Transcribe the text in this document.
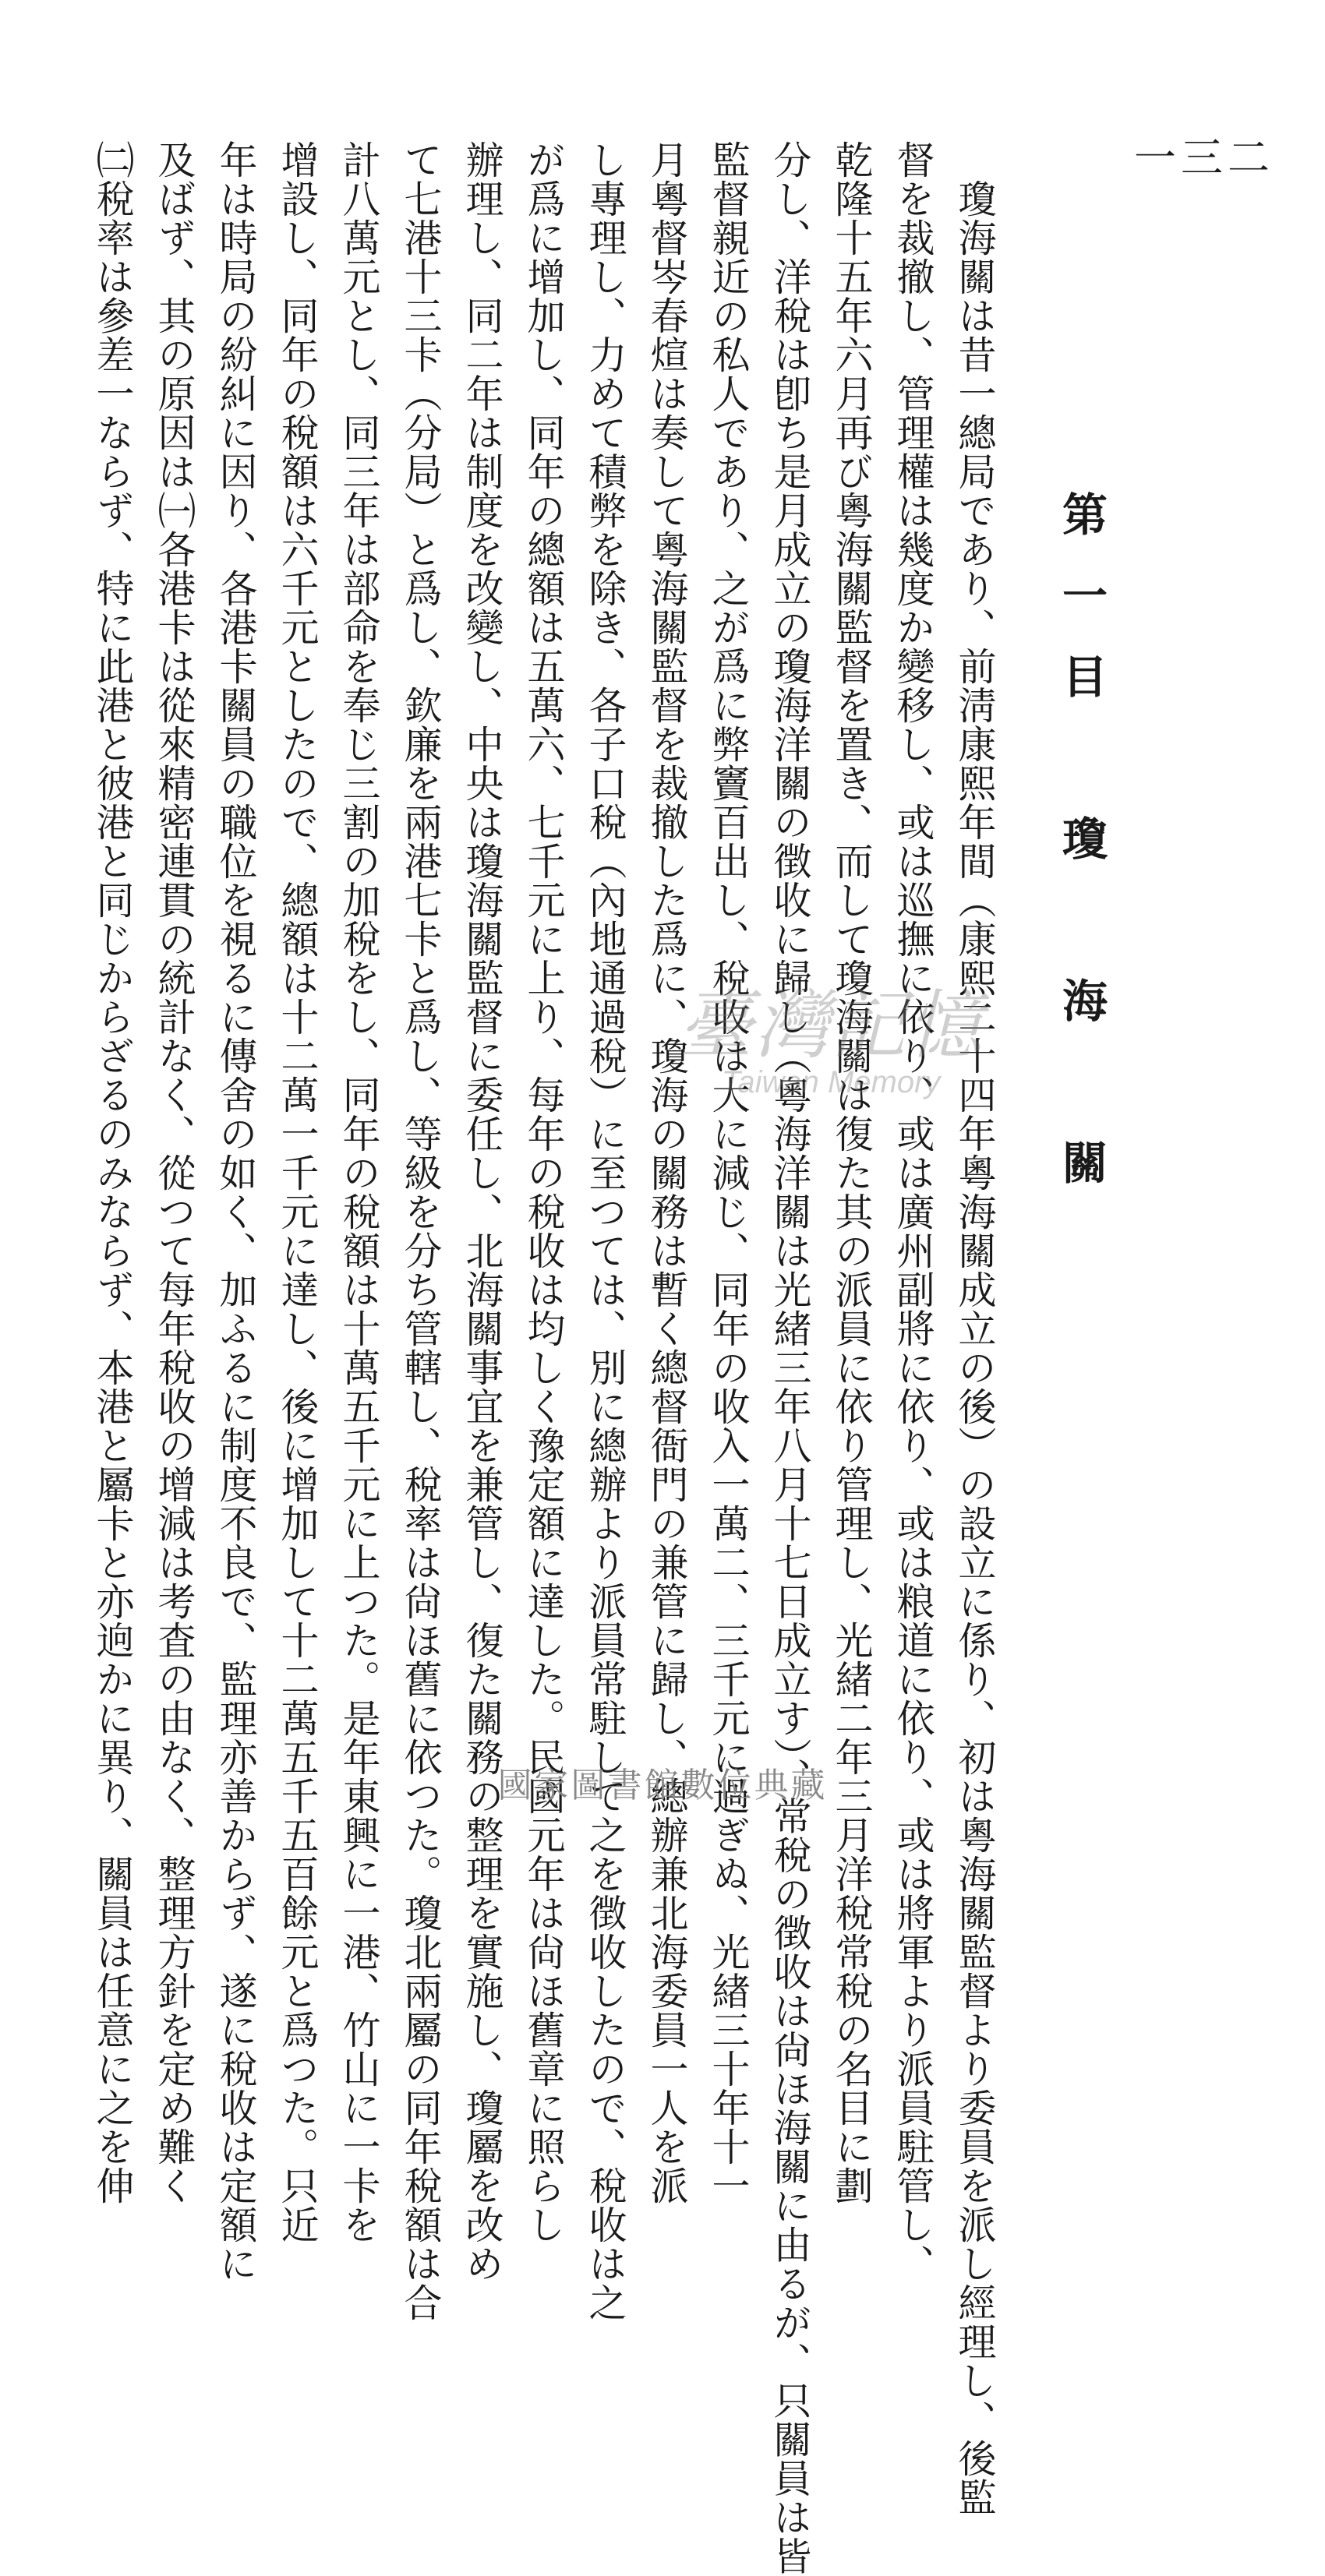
一三二
第一目　瓊　海　關
　瓊海關は昔一總局であり、前淸康熙年間（康熙二十四年粵海關成立の後）の設立に係り、初は粵海關監督より委員を派し經理し、後監
督を裁撤し、管理權は幾度か變移し、或は巡撫に依り、或は廣州副將に依り、或は粮道に依り、或は將軍より派員駐管し、
乾隆十五年六月再び粵海關監督を置き、而して瓊海關は復た其の派員に依り管理し、光緒二年三月洋稅常稅の名目に劃
分し、洋稅は卽ち是月成立の瓊海洋關の徴收に歸し（粵海洋關は光緒三年八月十七日成立す）、常稅の徴收は尙ほ海關に由るが、只關員は皆
監督親近の私人であり、之が爲に弊竇百出し、稅收は大に減じ、同年の收入一萬二、三千元に過ぎぬ、光緖三十年十一
月粵督岑春煊は奏して粵海關監督を裁撤した爲に、瓊海の關務は暫く總督衙門の兼管に歸し、總辦兼北海委員一人を派
し專理し、力めて積弊を除き、各子口稅（內地通過稅）に至つては、別に總辦より派員常駐して之を徴收したので、稅收は之
が爲に增加し、同年の總額は五萬六、七千元に上り、每年の稅收は均しく豫定額に達した。民國元年は尙ほ舊章に照らし
辦理し、同二年は制度を改變し、中央は瓊海關監督に委任し、北海關事宜を兼管し、復た關務の整理を實施し、瓊屬を改め
て七港十三卡（分局）と爲し、欽廉を兩港七卡と爲し、等級を分ち管轄し、稅率は尙ほ舊に依つた。瓊北兩屬の同年稅額は合
計八萬元とし、同三年は部命を奉じ三割の加稅をし、同年の稅額は十萬五千元に上つた。是年東興に一港、竹山に一卡を
增設し、同年の稅額は六千元としたので、總額は十二萬一千元に達し、後に增加して十二萬五千五百餘元と爲つた。只近
年は時局の紛糾に因り、各港卡關員の職位を視るに傳舍の如く、加ふるに制度不良で、監理亦善からず、遂に稅收は定額に
及ばず、其の原因は㈠各港卡は從來精密連貫の統計なく、從つて每年稅收の增減は考査の由なく、整理方針を定め難く
㈡稅率は參差一ならず、特に此港と彼港と同じからざるのみならず、本港と屬卡と亦逈かに異り、關員は任意に之を伸	臺灣記憶
Taiwan Memory
國家圖書館數位典藏
